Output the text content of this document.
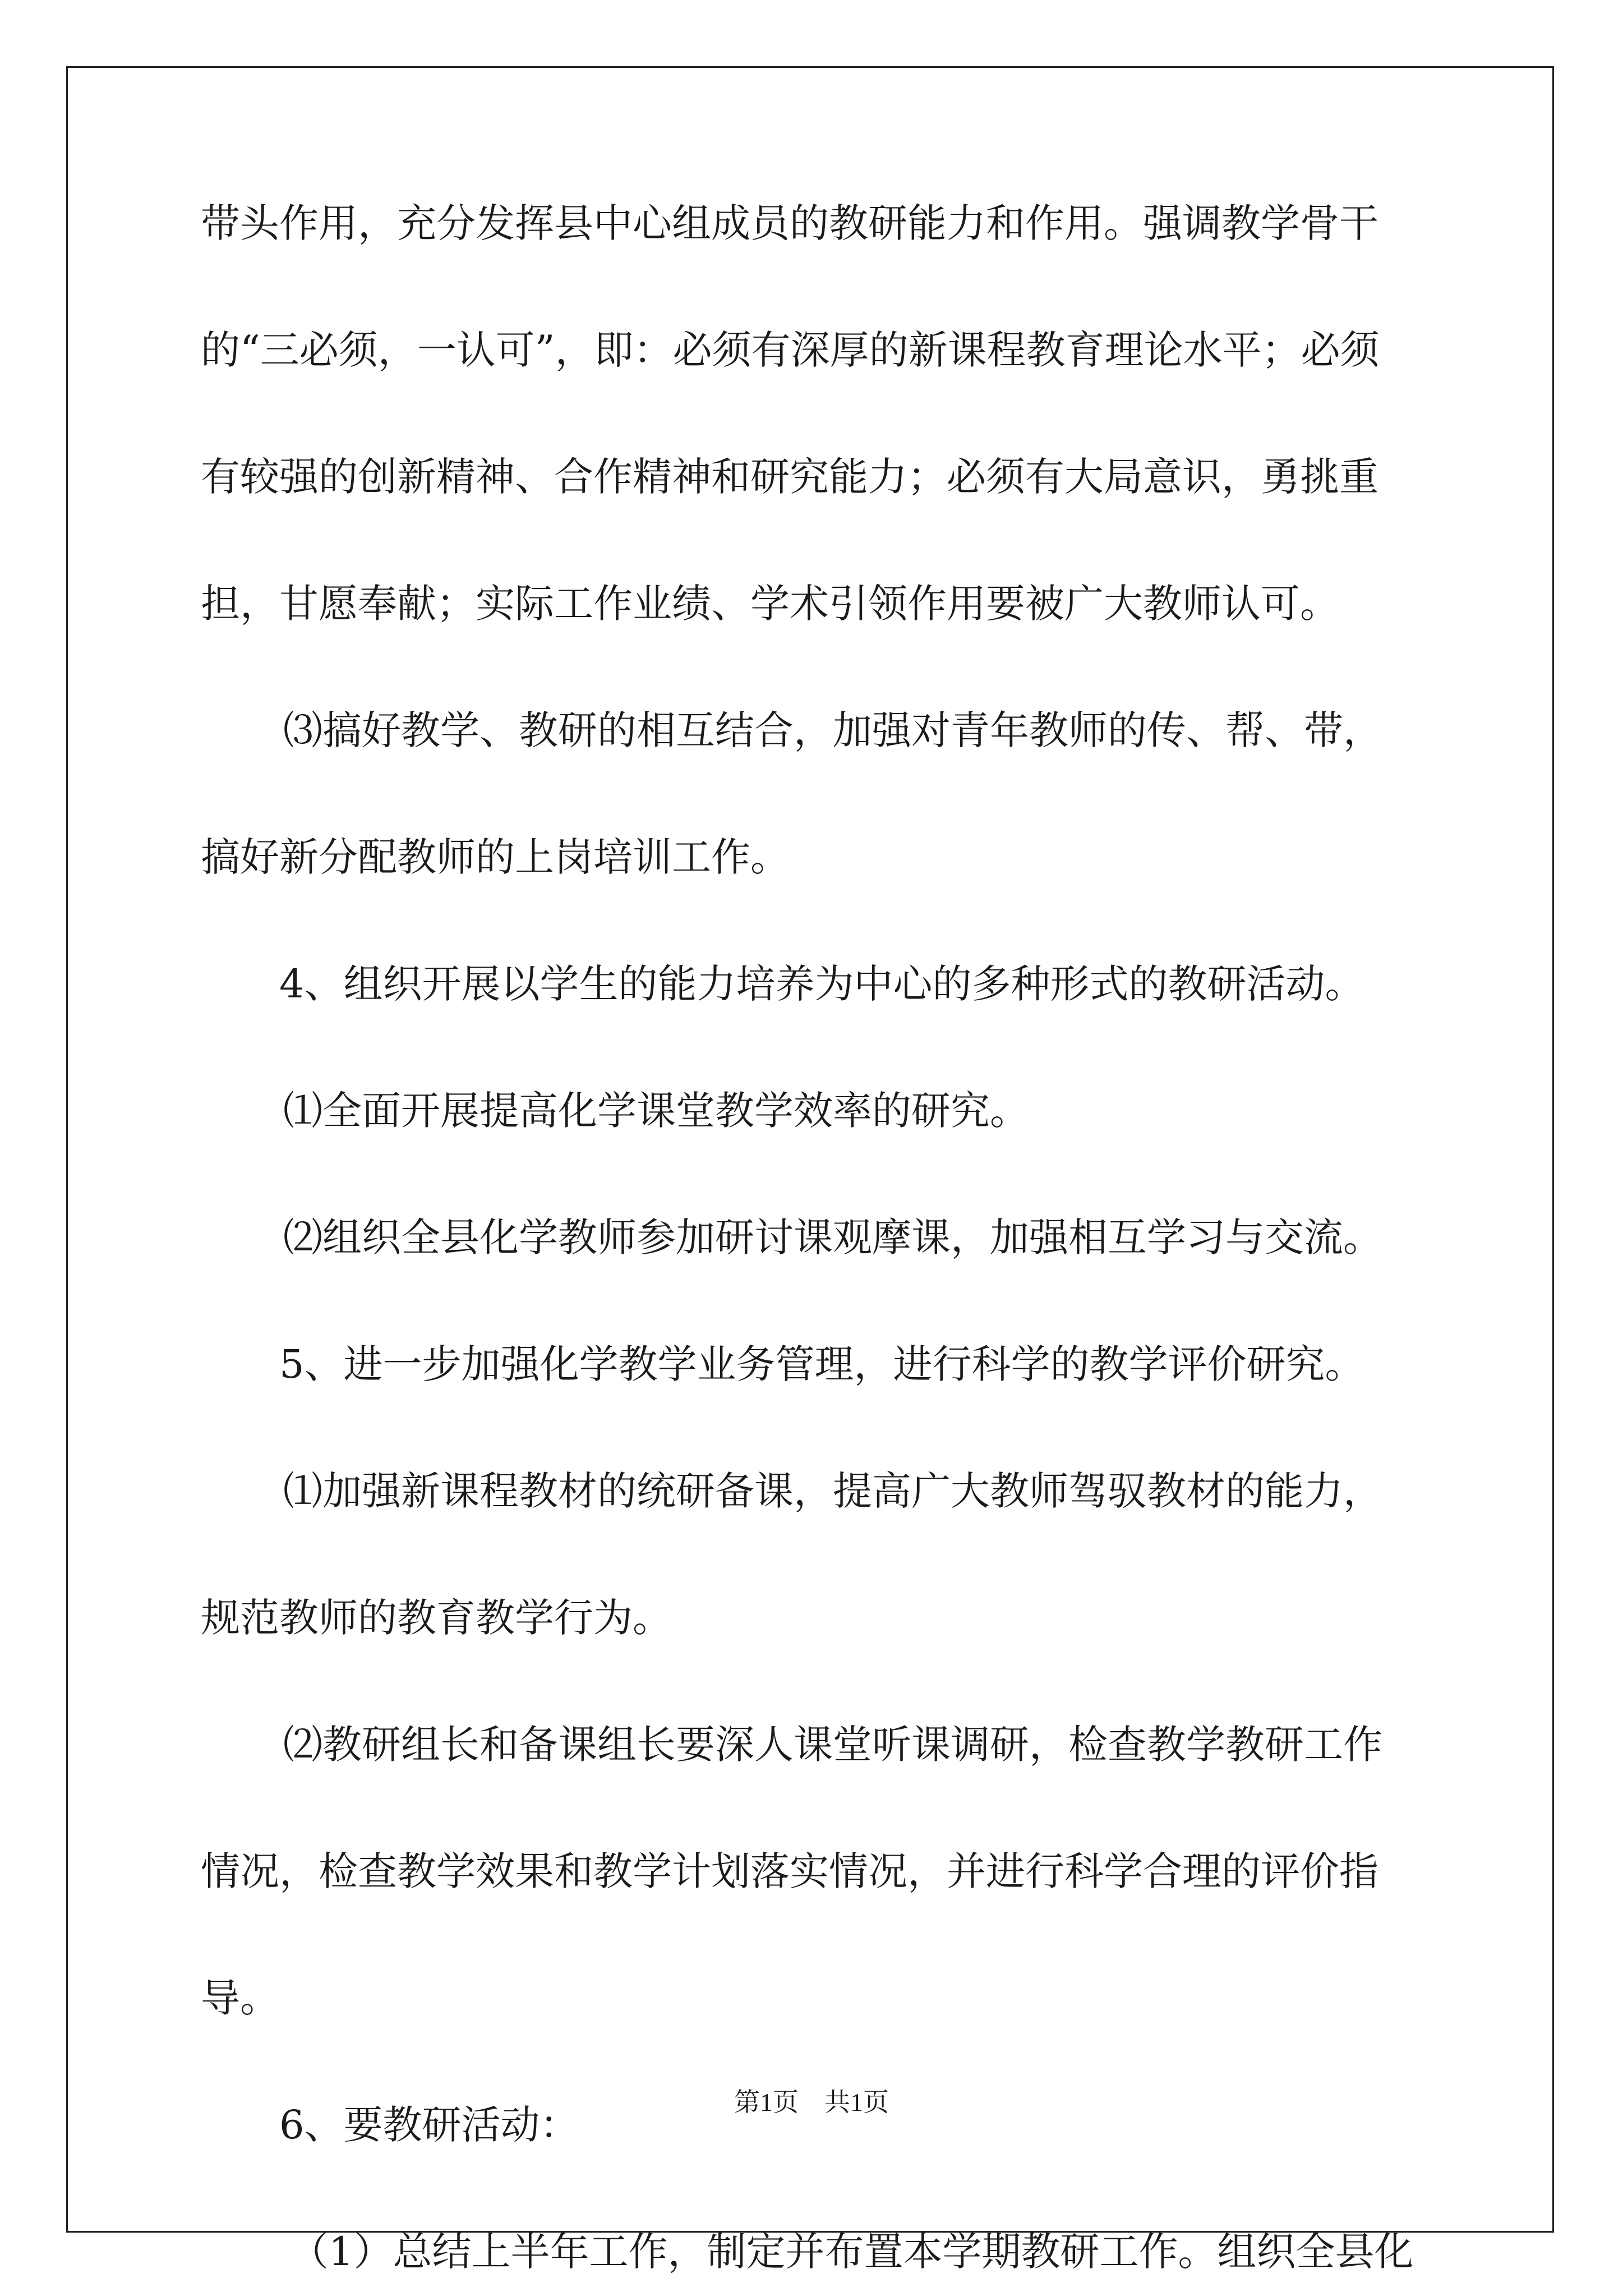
带头作用，充分发挥县中心组成员的教研能力和作用。强调教学骨干
的“三必须，一认可”，即：必须有深厚的新课程教育理论水平；必须
有较强的创新精神、合作精神和研究能力；必须有大局意识，勇挑重
担，甘愿奉献；实际工作业绩、学术引领作用要被广大教师认可。
⑶搞好教学、教研的相互结合，加强对青年教师的传、帮、带，
搞好新分配教师的上岗培训工作。
4、组织开展以学生的能力培养为中心的多种形式的教研活动。
⑴全面开展提高化学课堂教学效率的研究。
⑵组织全县化学教师参加研讨课观摩课，加强相互学习与交流。
5、进一步加强化学教学业务管理，进行科学的教学评价研究。
⑴加强新课程教材的统研备课，提高广大教师驾驭教材的能力，
规范教师的教育教学行为。
⑵教研组长和备课组长要深人课堂听课调研，检查教学教研工作
情况，检查教学效果和教学计划落实情况，并进行科学合理的评价指
导。
6、要教研活动：
（1）总结上半年工作，制定并布置本学期教研工作。组织全县化
第1页 共1页
